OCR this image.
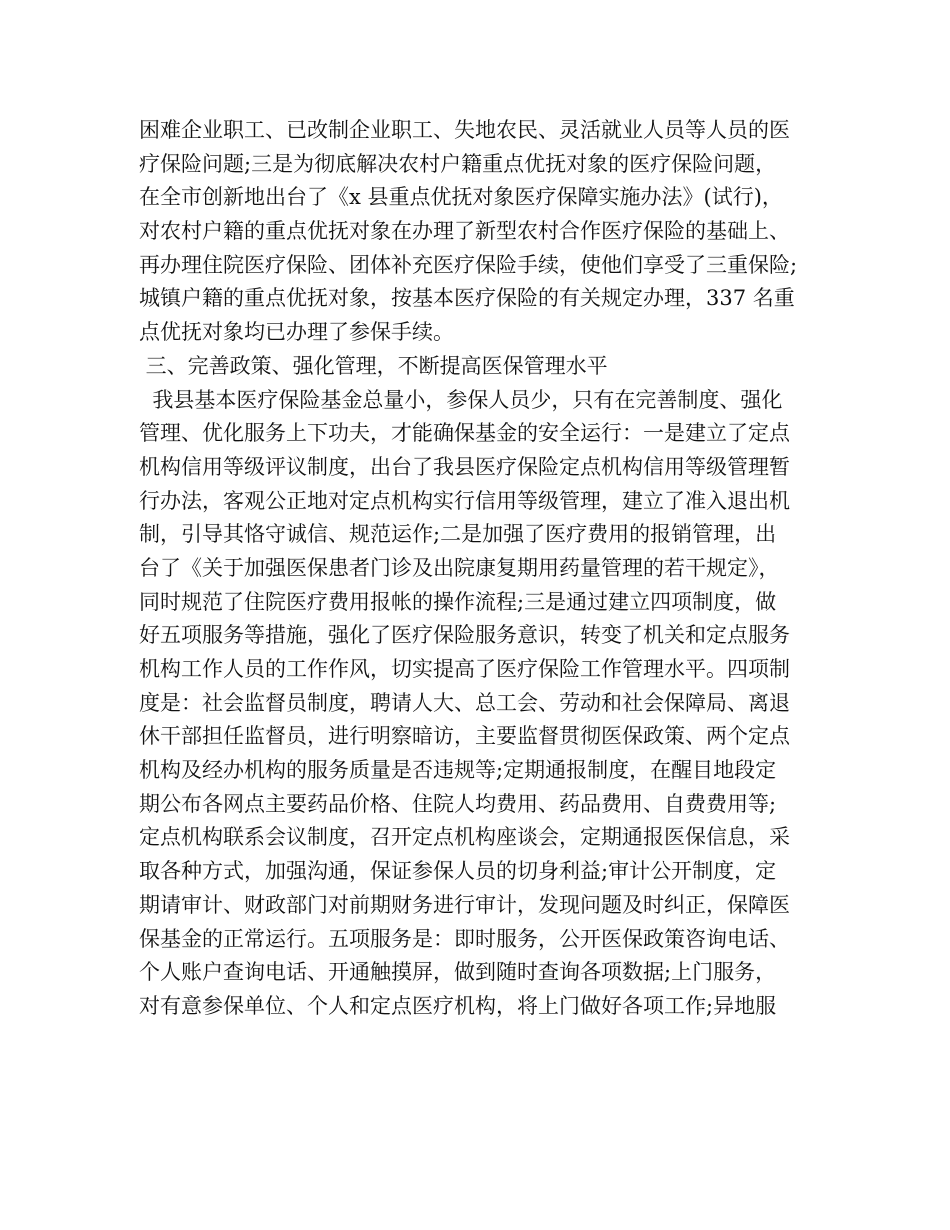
困难企业职工、已改制企业职工、失地农民、灵活就业人员等人员的医
疗保险问题;三是为彻底解决农村户籍重点优抚对象的医疗保险问题，
在全市创新地出台了《x 县重点优抚对象医疗保障实施办法》(试行)，
对农村户籍的重点优抚对象在办理了新型农村合作医疗保险的基础上、
再办理住院医疗保险、团体补充医疗保险手续，使他们享受了三重保险;
城镇户籍的重点优抚对象，按基本医疗保险的有关规定办理，337 名重
点优抚对象均已办理了参保手续。
三、完善政策、强化管理，不断提高医保管理水平
我县基本医疗保险基金总量小，参保人员少，只有在完善制度、强化
管理、优化服务上下功夫，才能确保基金的安全运行：一是建立了定点
机构信用等级评议制度，出台了我县医疗保险定点机构信用等级管理暂
行办法，客观公正地对定点机构实行信用等级管理，建立了准入退出机
制，引导其恪守诚信、规范运作;二是加强了医疗费用的报销管理，出
台了《关于加强医保患者门诊及出院康复期用药量管理的若干规定》，
同时规范了住院医疗费用报帐的操作流程;三是通过建立四项制度，做
好五项服务等措施，强化了医疗保险服务意识，转变了机关和定点服务
机构工作人员的工作作风，切实提高了医疗保险工作管理水平。四项制
度是：社会监督员制度，聘请人大、总工会、劳动和社会保障局、离退
休干部担任监督员，进行明察暗访，主要监督贯彻医保政策、两个定点
机构及经办机构的服务质量是否违规等;定期通报制度，在醒目地段定
期公布各网点主要药品价格、住院人均费用、药品费用、自费费用等;
定点机构联系会议制度，召开定点机构座谈会，定期通报医保信息，采
取各种方式，加强沟通，保证参保人员的切身利益;审计公开制度，定
期请审计、财政部门对前期财务进行审计，发现问题及时纠正，保障医
保基金的正常运行。五项服务是：即时服务，公开医保政策咨询电话、
个人账户查询电话、开通触摸屏，做到随时查询各项数据;上门服务，
对有意参保单位、个人和定点医疗机构，将上门做好各项工作;异地服
